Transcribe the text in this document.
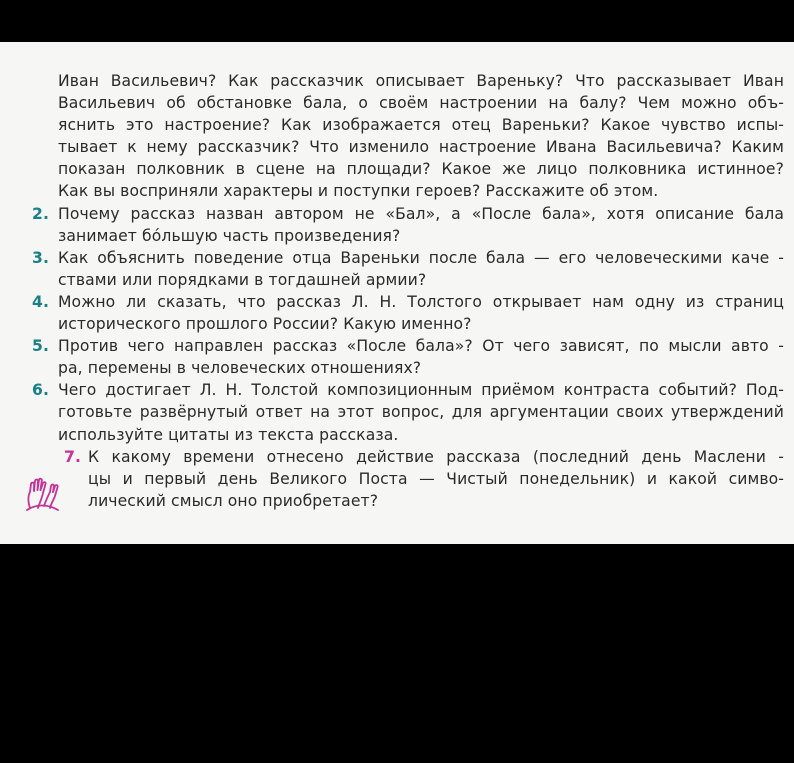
Иван Васильевич? Как рассказчик описывает Вареньку? Что рассказывает Иван
Васильевич об обстановке бала, о своём настроении на балу? Чем можно объ-
яснить это настроение? Как изображается отец Вареньки? Какое чувство испы-
тывает к нему рассказчик? Что изменило настроение Ивана Васильевича? Каким
показан полковник в сцене на площади? Какое же лицо полковника истинное?
Как вы восприняли характеры и поступки героев? Расскажите об этом.
2. Почему рассказ назван автором не «Бал», а «После бала», хотя описание бала
занимает бóльшую часть произведения?
3. Как объяснить поведение отца Вареньки после бала — его человеческими каче -
ствами или порядками в тогдашней армии?
4. Можно ли сказать, что рассказ Л. Н. Толстого открывает нам одну из страниц
исторического прошлого России? Какую именно?
5. Против чего направлен рассказ «После бала»? От чего зависят, по мысли авто -
ра, перемены в человеческих отношениях?
6. Чего достигает Л. Н. Толстой композиционным приёмом контраста событий? Под-
готовьте развёрнутый ответ на этот вопрос, для аргументации своих утверждений
используйте цитаты из текста рассказа.
7. К какому времени отнесено действие рассказа (последний день Маслени -
цы и первый день Великого Поста — Чистый понедельник) и какой симво-
лический смысл оно приобретает?
